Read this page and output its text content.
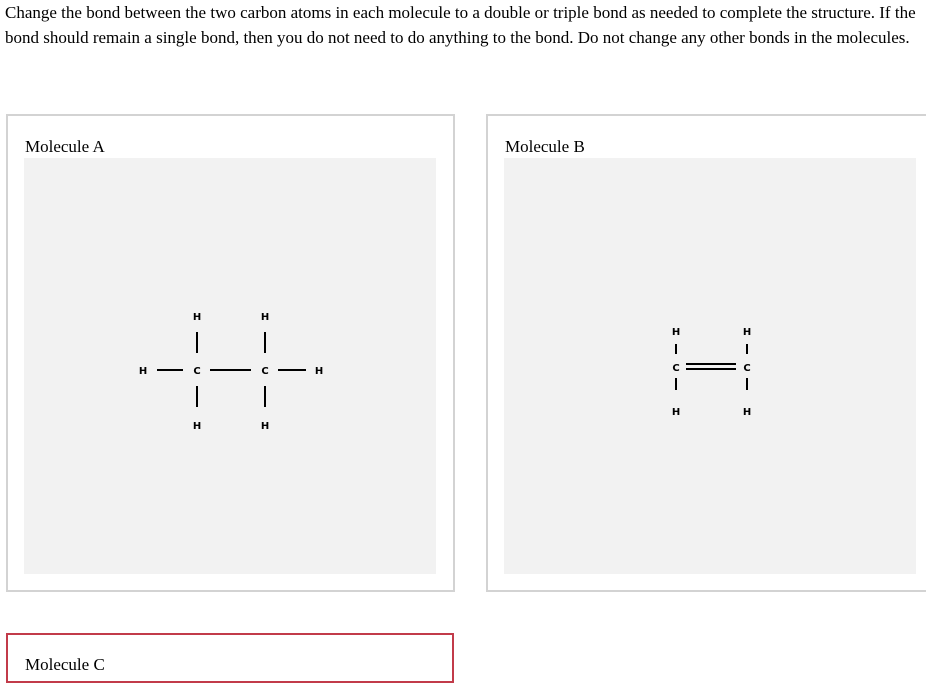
Change the bond between the two carbon atoms in each molecule to a double or triple bond as needed to complete the structure. If the bond should remain a single bond, then you do not need to do anything to the bond. Do not change any other bonds in the molecules.

Molecule A
H	H
H	C	C	H
H	H
Molecule B
H	H
C	C
H	H
Molecule C
